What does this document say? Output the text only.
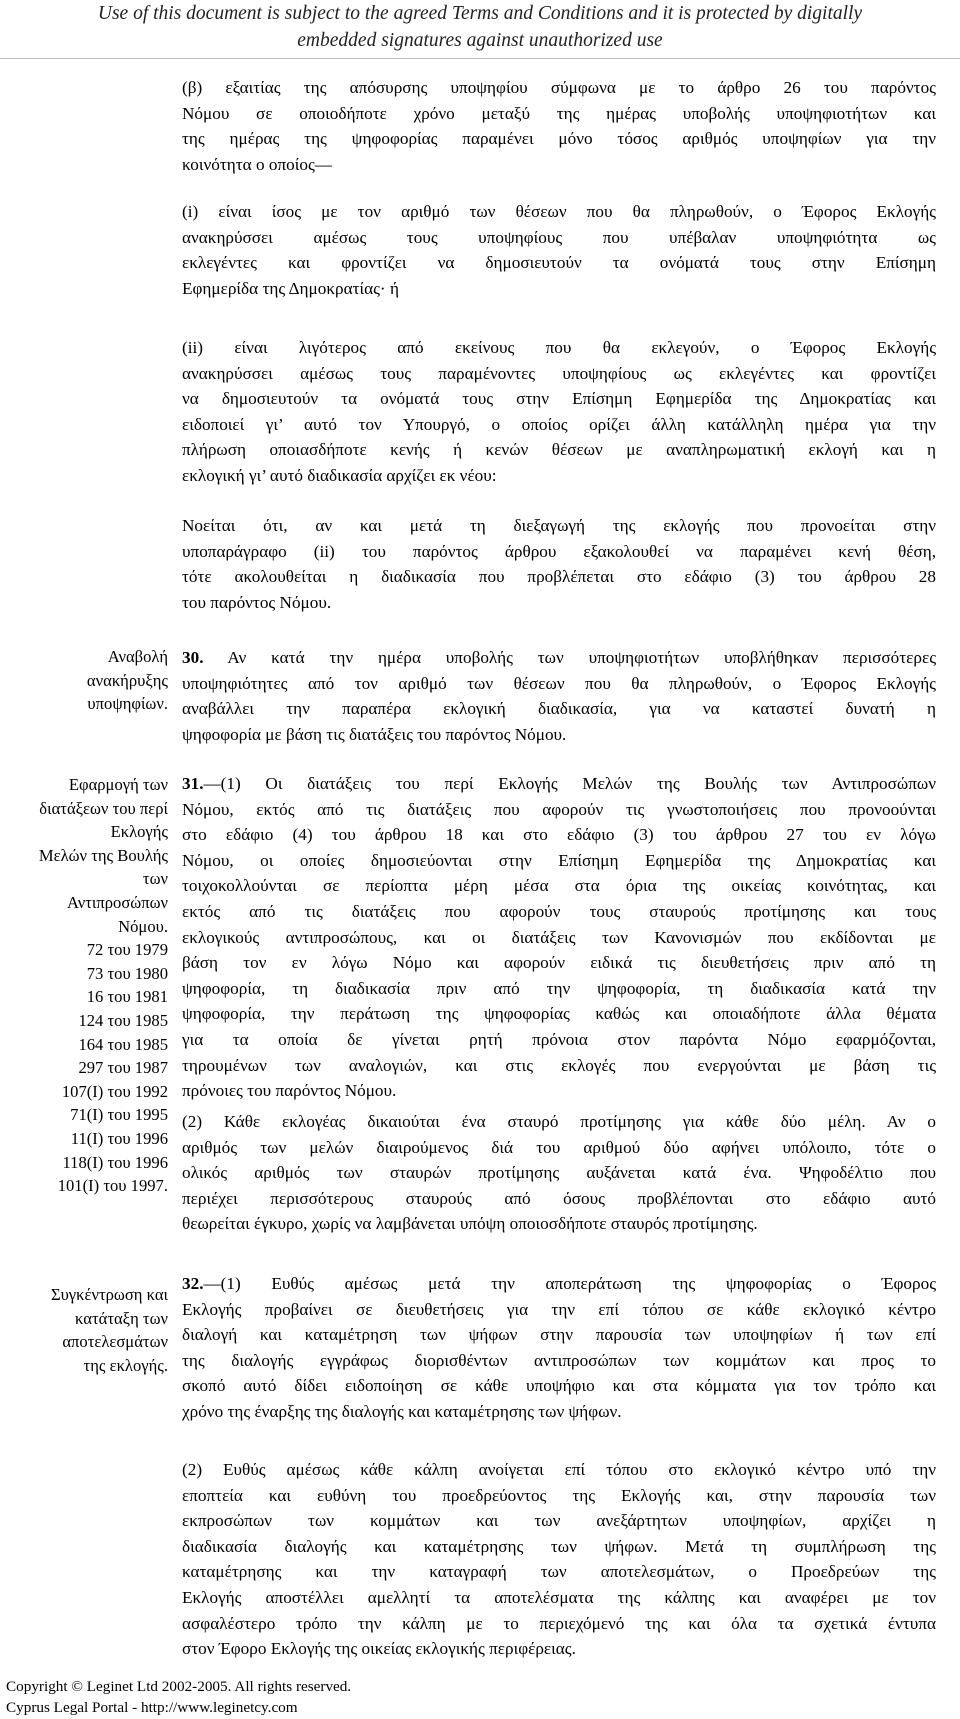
Use of this document is subject to the agreed Terms and Conditions and it is protected by digitally
embedded signatures against unauthorized use
(β) εξαιτίας της απόσυρσης υποψηφίου σύμφωνα με το άρθρο 26 του παρόντος
Νόμου σε οποιοδήποτε χρόνο μεταξύ της ημέρας υποβολής υποψηφιοτήτων και
της ημέρας της ψηφοφορίας παραμένει μόνο τόσος αριθμός υποψηφίων για την
κοινότητα ο οποίος—
(i) είναι ίσος με τον αριθμό των θέσεων που θα πληρωθούν, ο Έφορος Εκλογής
ανακηρύσσει αμέσως τους υποψηφίους που υπέβαλαν υποψηφιότητα ως
εκλεγέντες και φροντίζει να δημοσιευτούν τα ονόματά τους στην Επίσημη
Εφημερίδα της Δημοκρατίας· ή
(ii) είναι λιγότερος από εκείνους που θα εκλεγούν, ο Έφορος Εκλογής
ανακηρύσσει αμέσως τους παραμένοντες υποψηφίους ως εκλεγέντες και φροντίζει
να δημοσιευτούν τα ονόματά τους στην Επίσημη Εφημερίδα της Δημοκρατίας και
ειδοποιεί γι’ αυτό τον Υπουργό, ο οποίος ορίζει άλλη κατάλληλη ημέρα για την
πλήρωση οποιασδήποτε κενής ή κενών θέσεων με αναπληρωματική εκλογή και η
εκλογική γι’ αυτό διαδικασία αρχίζει εκ νέου:
Νοείται ότι, αν και μετά τη διεξαγωγή της εκλογής που προνοείται στην
υποπαράγραφο (ii) του παρόντος άρθρου εξακολουθεί να παραμένει κενή θέση,
τότε ακολουθείται η διαδικασία που προβλέπεται στο εδάφιο (3) του άρθρου 28
του παρόντος Νόμου.
30. Αν κατά την ημέρα υποβολής των υποψηφιοτήτων υποβλήθηκαν περισσότερες
υποψηφιότητες από τον αριθμό των θέσεων που θα πληρωθούν, ο Έφορος Εκλογής
αναβάλλει την παραπέρα εκλογική διαδικασία, για να καταστεί δυνατή η
ψηφοφορία με βάση τις διατάξεις του παρόντος Νόμου.
31.—(1) Οι διατάξεις του περί Εκλογής Μελών της Βουλής των Αντιπροσώπων
Νόμου, εκτός από τις διατάξεις που αφορούν τις γνωστοποιήσεις που προνοούνται
στο εδάφιο (4) του άρθρου 18 και στο εδάφιο (3) του άρθρου 27 του εν λόγω
Νόμου, οι οποίες δημοσιεύονται στην Επίσημη Εφημερίδα της Δημοκρατίας και
τοιχοκολλούνται σε περίοπτα μέρη μέσα στα όρια της οικείας κοινότητας, και
εκτός από τις διατάξεις που αφορούν τους σταυρούς προτίμησης και τους
εκλογικούς αντιπροσώπους, και οι διατάξεις των Κανονισμών που εκδίδονται με
βάση τον εν λόγω Νόμο και αφορούν ειδικά τις διευθετήσεις πριν από τη
ψηφοφορία, τη διαδικασία πριν από την ψηφοφορία, τη διαδικασία κατά την
ψηφοφορία, την περάτωση της ψηφοφορίας καθώς και οποιαδήποτε άλλα θέματα
για τα οποία δε γίνεται ρητή πρόνοια στον παρόντα Νόμο εφαρμόζονται,
τηρουμένων των αναλογιών, και στις εκλογές που ενεργούνται με βάση τις
πρόνοιες του παρόντος Νόμου.
(2) Κάθε εκλογέας δικαιούται ένα σταυρό προτίμησης για κάθε δύο μέλη. Αν ο
αριθμός των μελών διαιρούμενος διά του αριθμού δύο αφήνει υπόλοιπο, τότε ο
ολικός αριθμός των σταυρών προτίμησης αυξάνεται κατά ένα. Ψηφοδέλτιο που
περιέχει περισσότερους σταυρούς από όσους προβλέπονται στο εδάφιο αυτό
θεωρείται έγκυρο, χωρίς να λαμβάνεται υπόψη οποιοσδήποτε σταυρός προτίμησης.
32.—(1) Ευθύς αμέσως μετά την αποπεράτωση της ψηφοφορίας ο Έφορος
Εκλογής προβαίνει σε διευθετήσεις για την επί τόπου σε κάθε εκλογικό κέντρο
διαλογή και καταμέτρηση των ψήφων στην παρουσία των υποψηφίων ή των επί
της διαλογής εγγράφως διορισθέντων αντιπροσώπων των κομμάτων και προς το
σκοπό αυτό δίδει ειδοποίηση σε κάθε υποψήφιο και στα κόμματα για τον τρόπο και
χρόνο της έναρξης της διαλογής και καταμέτρησης των ψήφων.
(2) Ευθύς αμέσως κάθε κάλπη ανοίγεται επί τόπου στο εκλογικό κέντρο υπό την
εποπτεία και ευθύνη του προεδρεύοντος της Εκλογής και, στην παρουσία των
εκπροσώπων των κομμάτων και των ανεξάρτητων υποψηφίων, αρχίζει η
διαδικασία διαλογής και καταμέτρησης των ψήφων. Μετά τη συμπλήρωση της
καταμέτρησης και την καταγραφή των αποτελεσμάτων, ο Προεδρεύων της
Εκλογής αποστέλλει αμελλητί τα αποτελέσματα της κάλπης και αναφέρει με τον
ασφαλέστερο τρόπο την κάλπη με το περιεχόμενό της και όλα τα σχετικά έντυπα
στον Έφορο Εκλογής της οικείας εκλογικής περιφέρειας.
Αναβολή
ανακήρυξης
υποψηφίων.
Εφαρμογή των
διατάξεων του περί
Εκλογής
Μελών της Βουλής
των
Αντιπροσώπων
Νόμου.
72 του 1979
73 του 1980
16 του 1981
124 του 1985
164 του 1985
297 του 1987
107(Ι) του 1992
71(Ι) του 1995
11(Ι) του 1996
118(Ι) του 1996
101(Ι) του 1997.
Συγκέντρωση και
κατάταξη των
αποτελεσμάτων
της εκλογής.
Copyright © Leginet Ltd 2002-2005. All rights reserved.
Cyprus Legal Portal - http://www.leginetcy.com
